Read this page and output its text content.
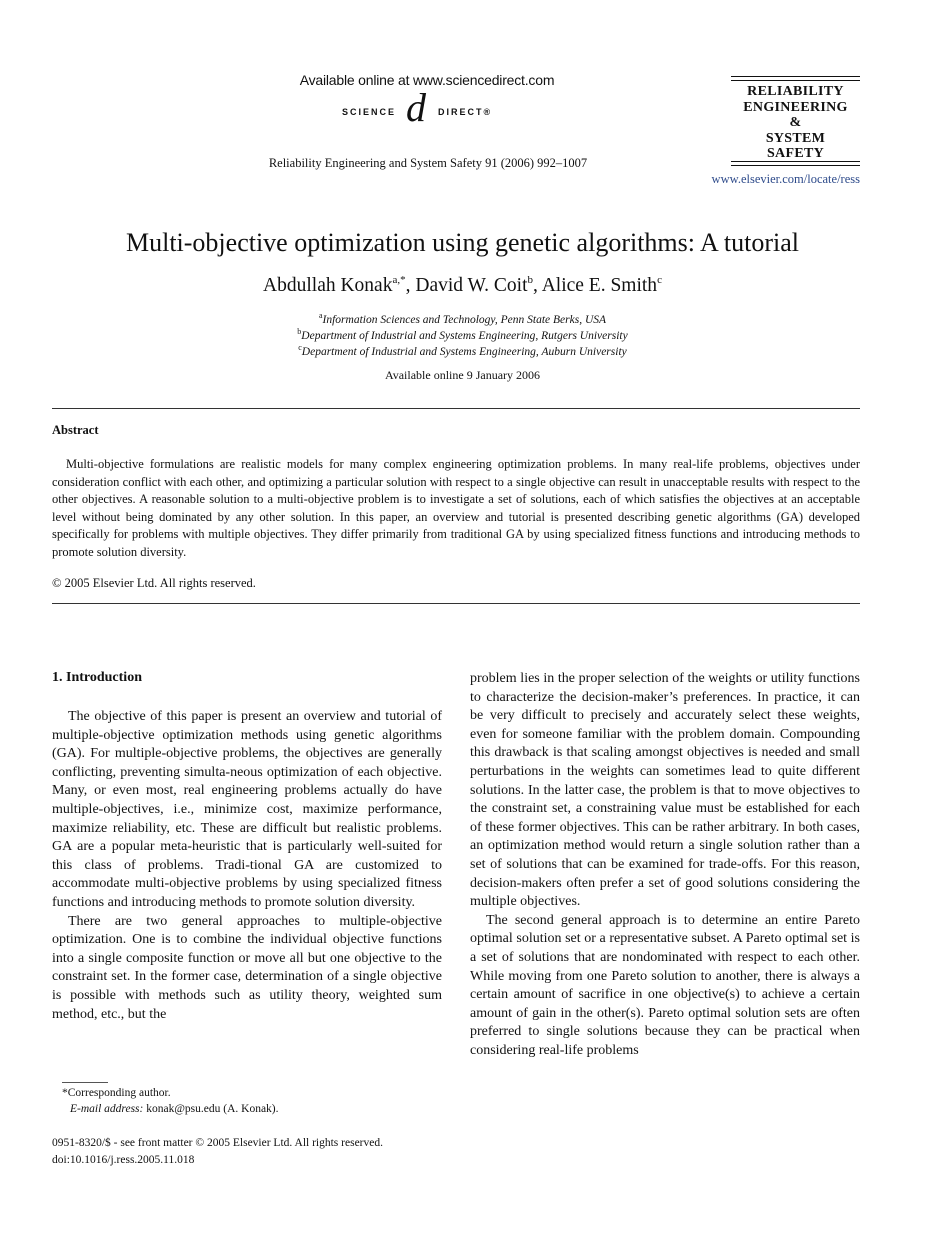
Available online at www.sciencedirect.com
SCIENCE d DIRECT®
Reliability Engineering and System Safety 91 (2006) 992–1007
RELIABILITY
ENGINEERING
&
SYSTEM
SAFETY
www.elsevier.com/locate/ress
Multi-objective optimization using genetic algorithms: A tutorial
Abdullah Konak$^{a,*}$, David W. Coit$^b$, Alice E. Smith$^c$
$^a$Information Sciences and Technology, Penn State Berks, USA
$^b$Department of Industrial and Systems Engineering, Rutgers University
$^c$Department of Industrial and Systems Engineering, Auburn University
Available online 9 January 2006
Abstract
Multi-objective formulations are realistic models for many complex engineering optimization problems. In many real-life problems, objectives under consideration conflict with each other, and optimizing a particular solution with respect to a single objective can result in unacceptable results with respect to the other objectives. A reasonable solution to a multi-objective problem is to investigate a set of solutions, each of which satisfies the objectives at an acceptable level without being dominated by any other solution. In this paper, an overview and tutorial is presented describing genetic algorithms (GA) developed specifically for problems with multiple objectives. They differ primarily from traditional GA by using specialized fitness functions and introducing methods to promote solution diversity.
© 2005 Elsevier Ltd. All rights reserved.
1. Introduction

The objective of this paper is present an overview and tutorial of multiple-objective optimization methods using genetic algorithms (GA). For multiple-objective problems, the objectives are generally conflicting, preventing simulta-neous optimization of each objective. Many, or even most, real engineering problems actually do have multiple-objectives, i.e., minimize cost, maximize performance, maximize reliability, etc. These are difficult but realistic problems. GA are a popular meta-heuristic that is particularly well-suited for this class of problems. Tradi-tional GA are customized to accommodate multi-objective problems by using specialized fitness functions and introducing methods to promote solution diversity.

There are two general approaches to multiple-objective optimization. One is to combine the individual objective functions into a single composite function or move all but one objective to the constraint set. In the former case, determination of a single objective is possible with methods such as utility theory, weighted sum method, etc., but the

problem lies in the proper selection of the weights or utility functions to characterize the decision-maker’s preferences. In practice, it can be very difficult to precisely and accurately select these weights, even for someone familiar with the problem domain. Compounding this drawback is that scaling amongst objectives is needed and small perturbations in the weights can sometimes lead to quite different solutions. In the latter case, the problem is that to move objectives to the constraint set, a constraining value must be established for each of these former objectives. This can be rather arbitrary. In both cases, an optimization method would return a single solution rather than a set of solutions that can be examined for trade-offs. For this reason, decision-makers often prefer a set of good solutions considering the multiple objectives.

The second general approach is to determine an entire Pareto optimal solution set or a representative subset. A Pareto optimal set is a set of solutions that are nondominated with respect to each other. While moving from one Pareto solution to another, there is always a certain amount of sacrifice in one objective(s) to achieve a certain amount of gain in the other(s). Pareto optimal solution sets are often preferred to single solutions because they can be practical when considering real-life problems

*Corresponding author.
E-mail address: konak@psu.edu (A. Konak).
0951-8320/$ - see front matter © 2005 Elsevier Ltd. All rights reserved.
doi:10.1016/j.ress.2005.11.018
